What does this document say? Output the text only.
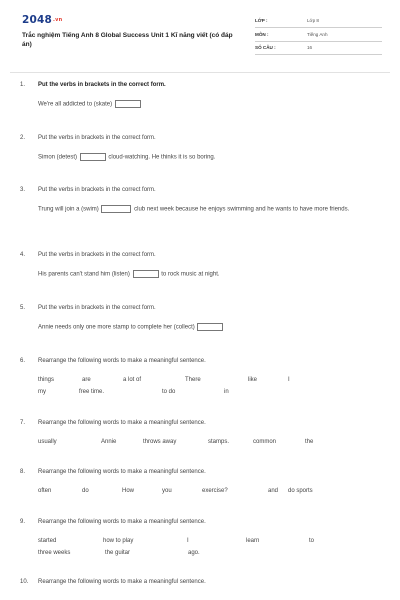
2048.vn
Trắc nghiệm Tiếng Anh 8 Global Success Unit 1 Kĩ năng viết (có đáp án)
LỚP :	Lớp 8
MÔN :	Tiếng Anh
SỐ CÂU :	16
1. Put the verbs in brackets in the correct form.
We're all addicted to (skate)
2. Put the verbs in brackets in the correct form.
Simon (detest)	cloud-watching. He thinks it is so boring.
3. Put the verbs in brackets in the correct form.
Trung will join a (swim)	club next week because he enjoys swimming and he wants to have more friends.
4. Put the verbs in brackets in the correct form.
His parents can't stand him (listen)	to rock music at night.
5. Put the verbs in brackets in the correct form.
Annie needs only one more stamp to complete her (collect)
6. Rearrange the following words to make a meaningful sentence.
things	are	a lot of	There	like	I
my	free time.	to do	in
7. Rearrange the following words to make a meaningful sentence.
usually	Annie	throws away	stamps.	common	the
8. Rearrange the following words to make a meaningful sentence.
often	do	How	you	exercise?	and do sports
9. Rearrange the following words to make a meaningful sentence.
started	how to play	I	learn	to
three weeks	the guitar	ago.
10. Rearrange the following words to make a meaningful sentence.
